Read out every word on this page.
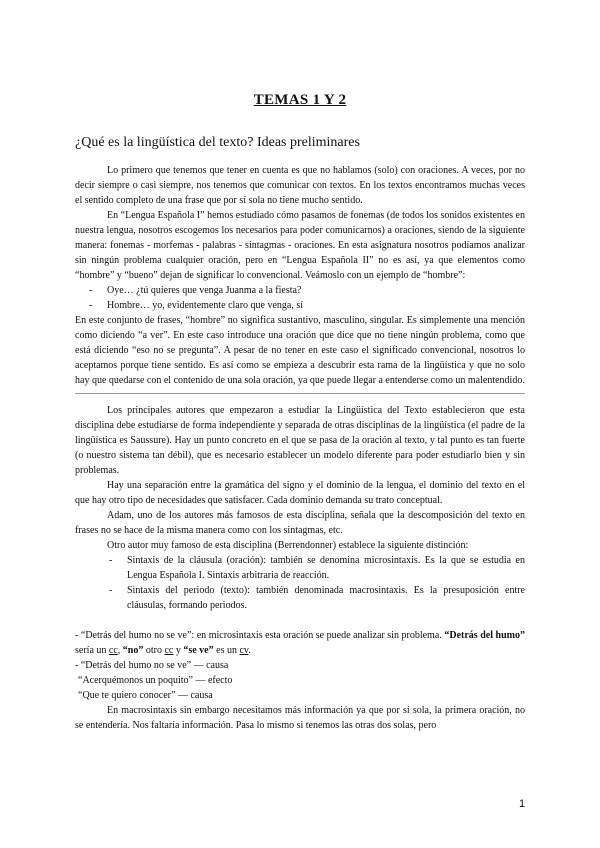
TEMAS 1 Y 2
¿Qué es la lingüística del texto? Ideas preliminares

Lo primero que tenemos que tener en cuenta es que no hablamos (solo) con oraciones. A veces, por no decir siempre o casi siempre, nos tenemos que comunicar con textos. En los textos encontramos muchas veces el sentido completo de una frase que por sí sola no tiene mucho sentido.

En “Lengua Española I” hemos estudiado cómo pasamos de fonemas (de todos los sonidos existentes en nuestra lengua, nosotros escogemos los necesarios para poder comunicarnos) a oraciones, siendo de la siguiente manera: fonemas - morfemas - palabras - sintagmas - oraciones. En esta asignatura nosotros podíamos analizar sin ningún problema cualquier oración, pero en “Lengua Española II” no es así, ya que elementos como “hombre” y “bueno” dejan de significar lo convencional. Veámoslo con un ejemplo de “hombre”:

- Oye… ¿tú quieres que venga Juanma a la fiesta?
- Hombre… yo, evidentemente claro que venga, sí

En este conjunto de frases, “hombre” no significa sustantivo, masculino, singular. Es simplemente una mención como diciendo “a ver”. En este caso introduce una oración que dice que no tiene ningún problema, como que está diciendo “eso no se pregunta”. A pesar de no tener en este caso el significado convencional, nosotros lo aceptamos porque tiene sentido. Es así como se empieza a descubrir esta rama de la lingüística y que no solo hay que quedarse con el contenido de una sola oración, ya que puede llegar a entenderse como un malentendido.

Los principales autores que empezaron a estudiar la Lingüística del Texto establecieron que esta disciplina debe estudiarse de forma independiente y separada de otras disciplinas de la lingüística (el padre de la lingüística es Saussure). Hay un punto concreto en el que se pasa de la oración al texto, y tal punto es tan fuerte (o nuestro sistema tan débil), que es necesario establecer un modelo diferente para poder estudiarlo bien y sin problemas.

Hay una separación entre la gramática del signo y el dominio de la lengua, el dominio del texto en el que hay otro tipo de necesidades que satisfacer. Cada dominio demanda su trato conceptual.

Adam, uno de los autores más famosos de esta disciplina, señala que la descomposición del texto en frases no se hace de la misma manera como con los sintagmas, etc.

Otro autor muy famoso de esta disciplina (Berrendonner) establece la siguiente distinción:

- Sintaxis de la cláusula (oración): también se denomina microsintaxis. Es la que se estudia en Lengua Española I. Sintaxis arbitraria de reacción.
- Sintaxis del periodo (texto): también denominada macrosintaxis. Es la presuposición entre cláusulas, formando periodos.

- “Detrás del humo no se ve”: en microsintaxis esta oración se puede analizar sin problema. “Detrás del humo” sería un cc, “no” otro cc y “se ve” es un cv.

- “Detrás del humo no se ve” — causa

“Acerquémonos un poquito” — efecto

“Que te quiero conocer” — causa

En macrosintaxis sin embargo necesitamos más información ya que por sí sola, la primera oración, no se entendería. Nos faltaría información. Pasa lo mismo si tenemos las otras dos solas, pero

1
